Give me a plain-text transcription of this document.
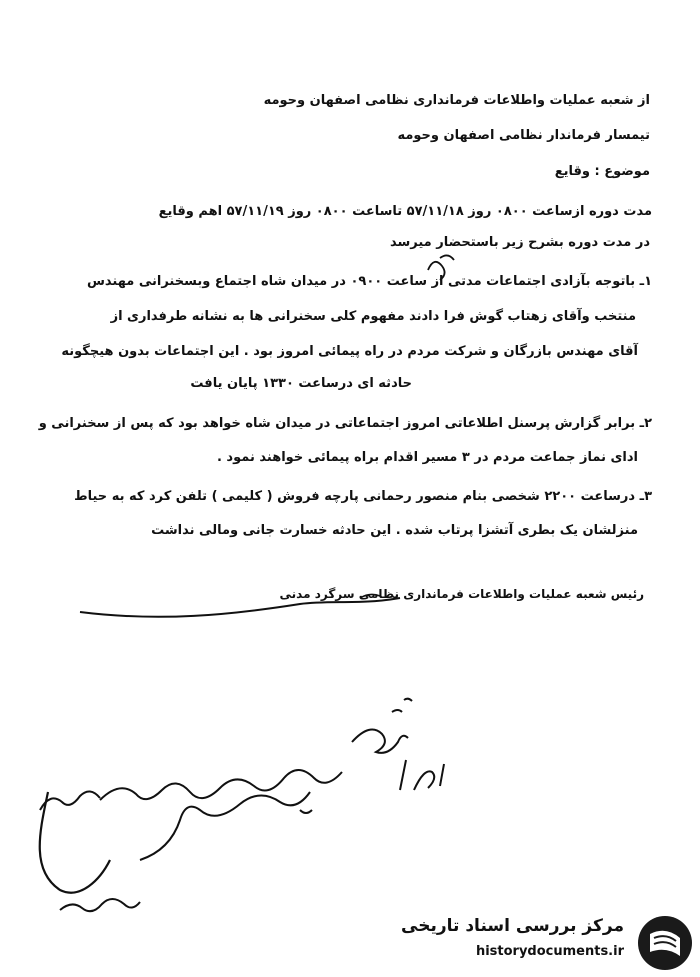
از شعبه عملیات واطلاعات فرمانداری نظامی اصفهان وحومه
تیمسار فرماندار نظامی اصفهان وحومه
موضوع : وقایع
مدت دوره ازساعت ۰۸۰۰ روز ۵۷/۱۱/۱۸ تاساعت ۰۸۰۰ روز ۵۷/۱۱/۱۹ اهم وقایع
در مدت دوره بشرح زیر باستحضار میرسد
۱ـ باتوجه بآزادی اجتماعات مدتی از ساعت ۰۹۰۰ در میدان شاه اجتماع وبسخنرانی مهندس
منتخب وآقای زهتاب گوش فرا دادند مفهوم کلی سخنرانی ها به نشانه طرفداری از
آقای مهندس بازرگان و شرکت مردم در راه پیمائی امروز بود . این اجتماعات بدون هیچگونه
حادثه ای درساعت ۱۳۳۰ پایان یافت
۲ـ برابر گزارش پرسنل اطلاعاتی امروز اجتماعاتی در میدان شاه خواهد بود که پس از سخنرانی و
ادای نماز جماعت مردم در ۳ مسیر اقدام براه پیمائی خواهند نمود .
۳ـ درساعت ۲۲۰۰ شخصی بنام منصور رحمانی پارچه فروش ( کلیمی ) تلفن کرد که به حیاط
منزلشان یک بطری آتشزا پرتاب شده . این حادثه خسارت جانی ومالی نداشت
رئیس شعبه عملیات واطلاعات فرمانداری نظامی سرگرد مدنی
مرکز بررسی اسناد تاریخی
historydocuments.ir
